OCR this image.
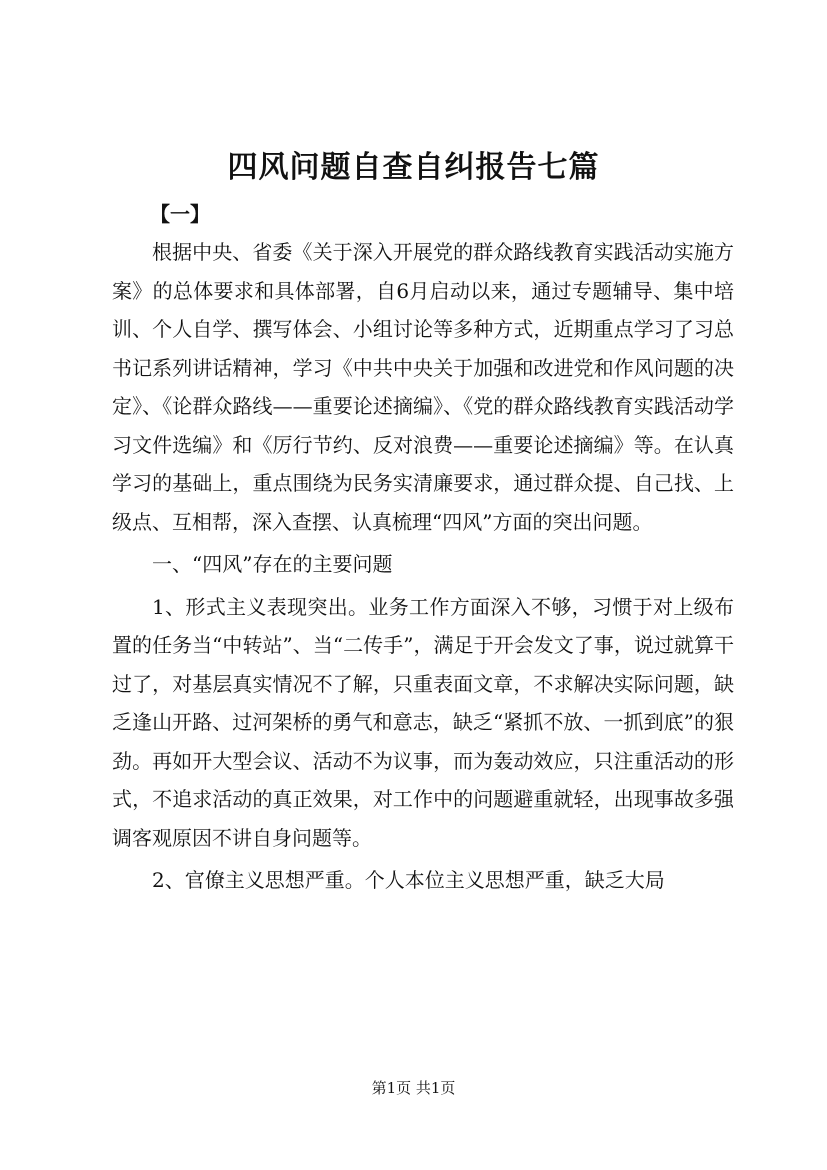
四风问题自查自纠报告七篇
【一】

根据中央、省委《关于深入开展党的群众路线教育实践活动实施方案》的总体要求和具体部署，自6月启动以来，通过专题辅导、集中培训、个人自学、撰写体会、小组讨论等多种方式，近期重点学习了习总书记系列讲话精神，学习《中共中央关于加强和改进党和作风问题的决定》、《论群众路线——重要论述摘编》、《党的群众路线教育实践活动学习文件选编》和《厉行节约、反对浪费——重要论述摘编》等。在认真学习的基础上，重点围绕为民务实清廉要求，通过群众提、自己找、上级点、互相帮，深入查摆、认真梳理“四风”方面的突出问题。

一、“四风”存在的主要问题

1、形式主义表现突出。业务工作方面深入不够，习惯于对上级布置的任务当“中转站”、当“二传手”，满足于开会发文了事，说过就算干过了，对基层真实情况不了解，只重表面文章，不求解决实际问题，缺乏逢山开路、过河架桥的勇气和意志，缺乏“紧抓不放、一抓到底”的狠劲。再如开大型会议、活动不为议事，而为轰动效应，只注重活动的形式，不追求活动的真正效果，对工作中的问题避重就轻，出现事故多强调客观原因不讲自身问题等。

2、官僚主义思想严重。个人本位主义思想严重，缺乏大局

第1页 共1页
